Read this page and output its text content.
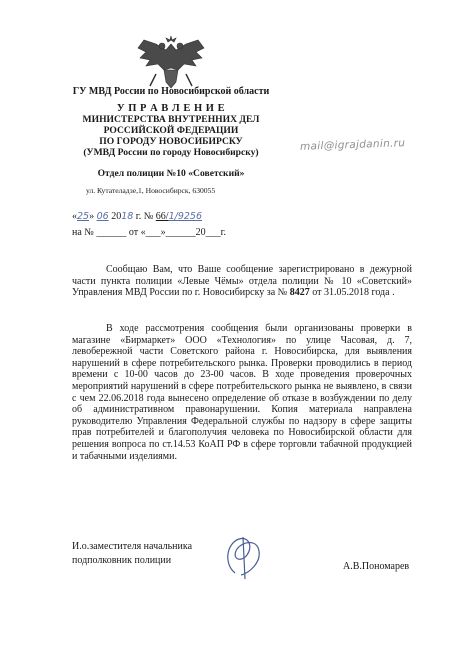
ГУ МВД России по Новосибирской области
У П Р А В Л Е Н И Е
МИНИСТЕРСТВА ВНУТРЕННИХ ДЕЛ
РОССИЙСКОЙ ФЕДЕРАЦИИ
ПО ГОРОДУ НОВОСИБИРСКУ
(УМВД России по городу Новосибирску)
Отдел полиции №10 «Советский»
ул. Кутателадзе,1, Новосибирск, 630055
mail@igrajdanin.ru
«25» 06 2018 г. № 66/1/9256
на № ______ от «___»______20___г.
Сообщаю Вам, что Ваше сообщение зарегистрировано в дежурной части пункта полиции «Левые Чёмы» отдела полиции № 10 «Советский» Управления МВД России по г. Новосибирску за № 8427 от 31.05.2018 года .
В ходе рассмотрения сообщения были организованы проверки в магазине «Бирмаркет» ООО «Технология» по улице Часовая, д. 7, левобережной части Советского района г. Новосибирска, для выявления нарушений в сфере потребительского рынка. Проверки проводились в период времени с 10-00 часов до 23-00 часов. В ходе проведения проверочных мероприятий нарушений в сфере потребительского рынка не выявлено, в связи с чем 22.06.2018 года вынесено определение об отказе в возбуждении по делу об административном правонарушении. Копия материала направлена руководителю Управления Федеральной службы по надзору в сфере защиты прав потребителей и благополучия человека по Новосибирской области для решения вопроса по ст.14.53 КоАП РФ в сфере торговли табачной продукцией и табачными изделиями.
И.о.заместителя начальника
подполковник полиции
А.В.Пономарев
